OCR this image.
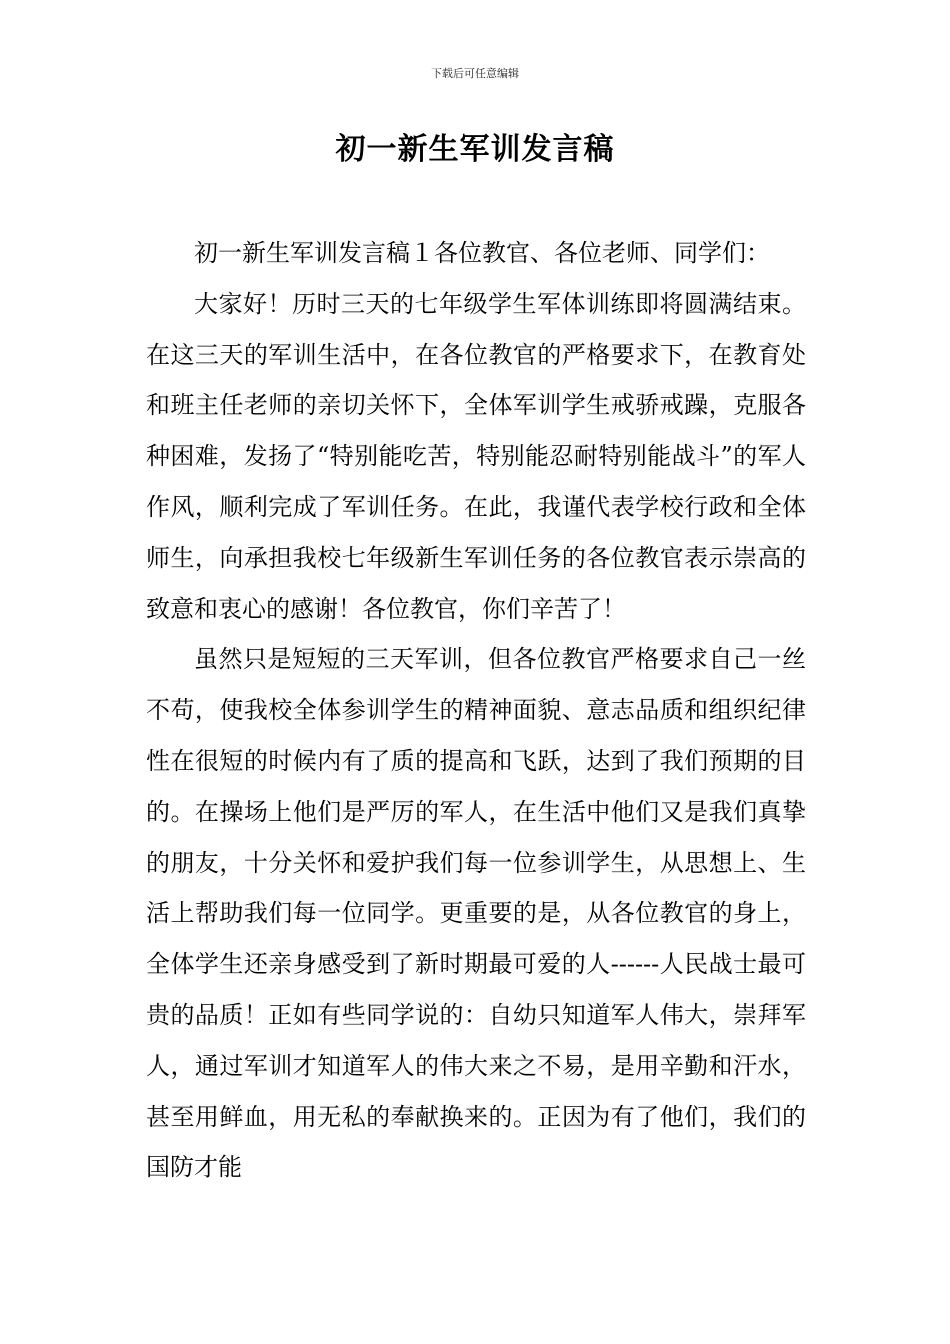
下载后可任意编辑
初一新生军训发言稿

初一新生军训发言稿１各位教官、各位老师、同学们：

大家好！历时三天的七年级学生军体训练即将圆满结束。在这三天的军训生活中，在各位教官的严格要求下，在教育处和班主任老师的亲切关怀下，全体军训学生戒骄戒躁，克服各种困难，发扬了“特别能吃苦，特别能忍耐特别能战斗”的军人作风，顺利完成了军训任务。在此，我谨代表学校行政和全体师生，向承担我校七年级新生军训任务的各位教官表示崇高的致意和衷心的感谢！各位教官，你们辛苦了！

虽然只是短短的三天军训，但各位教官严格要求自己一丝不苟，使我校全体参训学生的精神面貌、意志品质和组织纪律性在很短的时候内有了质的提高和飞跃，达到了我们预期的目的。在操场上他们是严厉的军人，在生活中他们又是我们真挚的朋友，十分关怀和爱护我们每一位参训学生，从思想上、生活上帮助我们每一位同学。更重要的是，从各位教官的身上，全体学生还亲身感受到了新时期最可爱的人------人民战士最可贵的品质！正如有些同学说的：自幼只知道军人伟大，崇拜军人，通过军训才知道军人的伟大来之不易，是用辛勤和汗水，甚至用鲜血，用无私的奉献换来的。正因为有了他们，我们的国防才能
